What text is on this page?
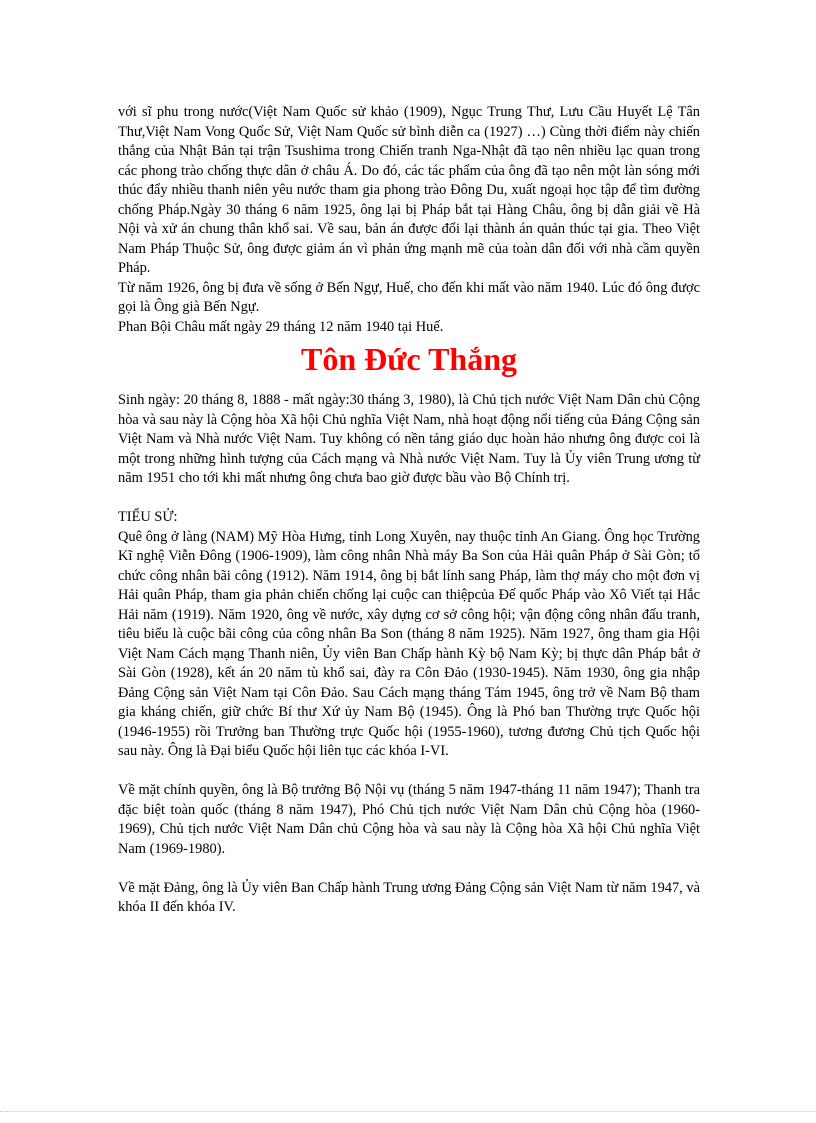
với sĩ phu trong nước(Việt Nam Quốc sử khảo (1909), Ngục Trung Thư, Lưu Cầu Huyết Lệ Tân Thư,Việt Nam Vong Quốc Sử, Việt Nam Quốc sử bình diễn ca (1927) …) Cùng thời điểm này chiến thắng của Nhật Bản tại trận Tsushima trong Chiến tranh Nga-Nhật đã tạo nên nhiều lạc quan trong các phong trào chống thực dân ở châu Á. Do đó, các tác phẩm của ông đã tạo nên một làn sóng mới thúc đẩy nhiều thanh niên yêu nước tham gia phong trào Đông Du, xuất ngoại học tập để tìm đường chống Pháp.Ngày 30 tháng 6 năm 1925, ông lại bị Pháp bắt tại Hàng Châu, ông bị dẫn giải về Hà Nội và xử án chung thân khổ sai. Về sau, bản án được đổi lại thành án quản thúc tại gia. Theo Việt Nam Pháp Thuộc Sử, ông được giảm án vì phản ứng mạnh mẽ của toàn dân đối với nhà cầm quyền Pháp.

Từ năm 1926, ông bị đưa về sống ở Bến Ngự, Huế, cho đến khi mất vào năm 1940. Lúc đó ông được gọi là Ông già Bến Ngự.

Phan Bội Châu mất ngày 29 tháng 12 năm 1940 tại Huế.

Tôn Đức Thắng

Sinh ngày: 20 tháng 8, 1888 - mất ngày:30 tháng 3, 1980), là Chủ tịch nước Việt Nam Dân chủ Cộng hòa và sau này là Cộng hòa Xã hội Chủ nghĩa Việt Nam, nhà hoạt động nổi tiếng của Đảng Cộng sản Việt Nam và Nhà nước Việt Nam. Tuy không có nền tảng giáo dục hoàn hảo nhưng ông được coi là một trong những hình tượng của Cách mạng và Nhà nước Việt Nam. Tuy là Ủy viên Trung ương từ năm 1951 cho tới khi mất nhưng ông chưa bao giờ được bầu vào Bộ Chính trị.

TIỂU SỬ:

Quê ông ở làng (NAM) Mỹ Hòa Hưng, tỉnh Long Xuyên, nay thuộc tỉnh An Giang. Ông học Trường Kĩ nghệ Viễn Đông (1906-1909), làm công nhân Nhà máy Ba Son của Hải quân Pháp ở Sài Gòn; tổ chức công nhân bãi công (1912). Năm 1914, ông bị bắt lính sang Pháp, làm thợ máy cho một đơn vị Hải quân Pháp, tham gia phản chiến chống lại cuộc can thiệpcủa Đế quốc Pháp vào Xô Viết tại Hắc Hải năm (1919). Năm 1920, ông về nước, xây dựng cơ sở công hội; vận động công nhân đấu tranh, tiêu biểu là cuộc bãi công của công nhân Ba Son (tháng 8 năm 1925). Năm 1927, ông tham gia Hội Việt Nam Cách mạng Thanh niên, Ủy viên Ban Chấp hành Kỳ bộ Nam Kỳ; bị thực dân Pháp bắt ở Sài Gòn (1928), kết án 20 năm tù khổ sai, đày ra Côn Đảo (1930-1945). Năm 1930, ông gia nhập Đảng Cộng sản Việt Nam tại Côn Đảo. Sau Cách mạng tháng Tám 1945, ông trở về Nam Bộ tham gia kháng chiến, giữ chức Bí thư Xứ ủy Nam Bộ (1945). Ông là Phó ban Thường trực Quốc hội (1946-1955) rồi Trưởng ban Thường trực Quốc hội (1955-1960), tương đương Chủ tịch Quốc hội sau này. Ông là Đại biểu Quốc hội liên tục các khóa I-VI.

Về mặt chính quyền, ông là Bộ trưởng Bộ Nội vụ (tháng 5 năm 1947-tháng 11 năm 1947); Thanh tra đặc biệt toàn quốc (tháng 8 năm 1947), Phó Chủ tịch nước Việt Nam Dân chủ Cộng hòa (1960-1969), Chủ tịch nước Việt Nam Dân chủ Cộng hòa và sau này là Cộng hòa Xã hội Chủ nghĩa Việt Nam (1969-1980).

Về mặt Đảng, ông là Ủy viên Ban Chấp hành Trung ương Đảng Cộng sản Việt Nam từ năm 1947, và khóa II đến khóa IV.
